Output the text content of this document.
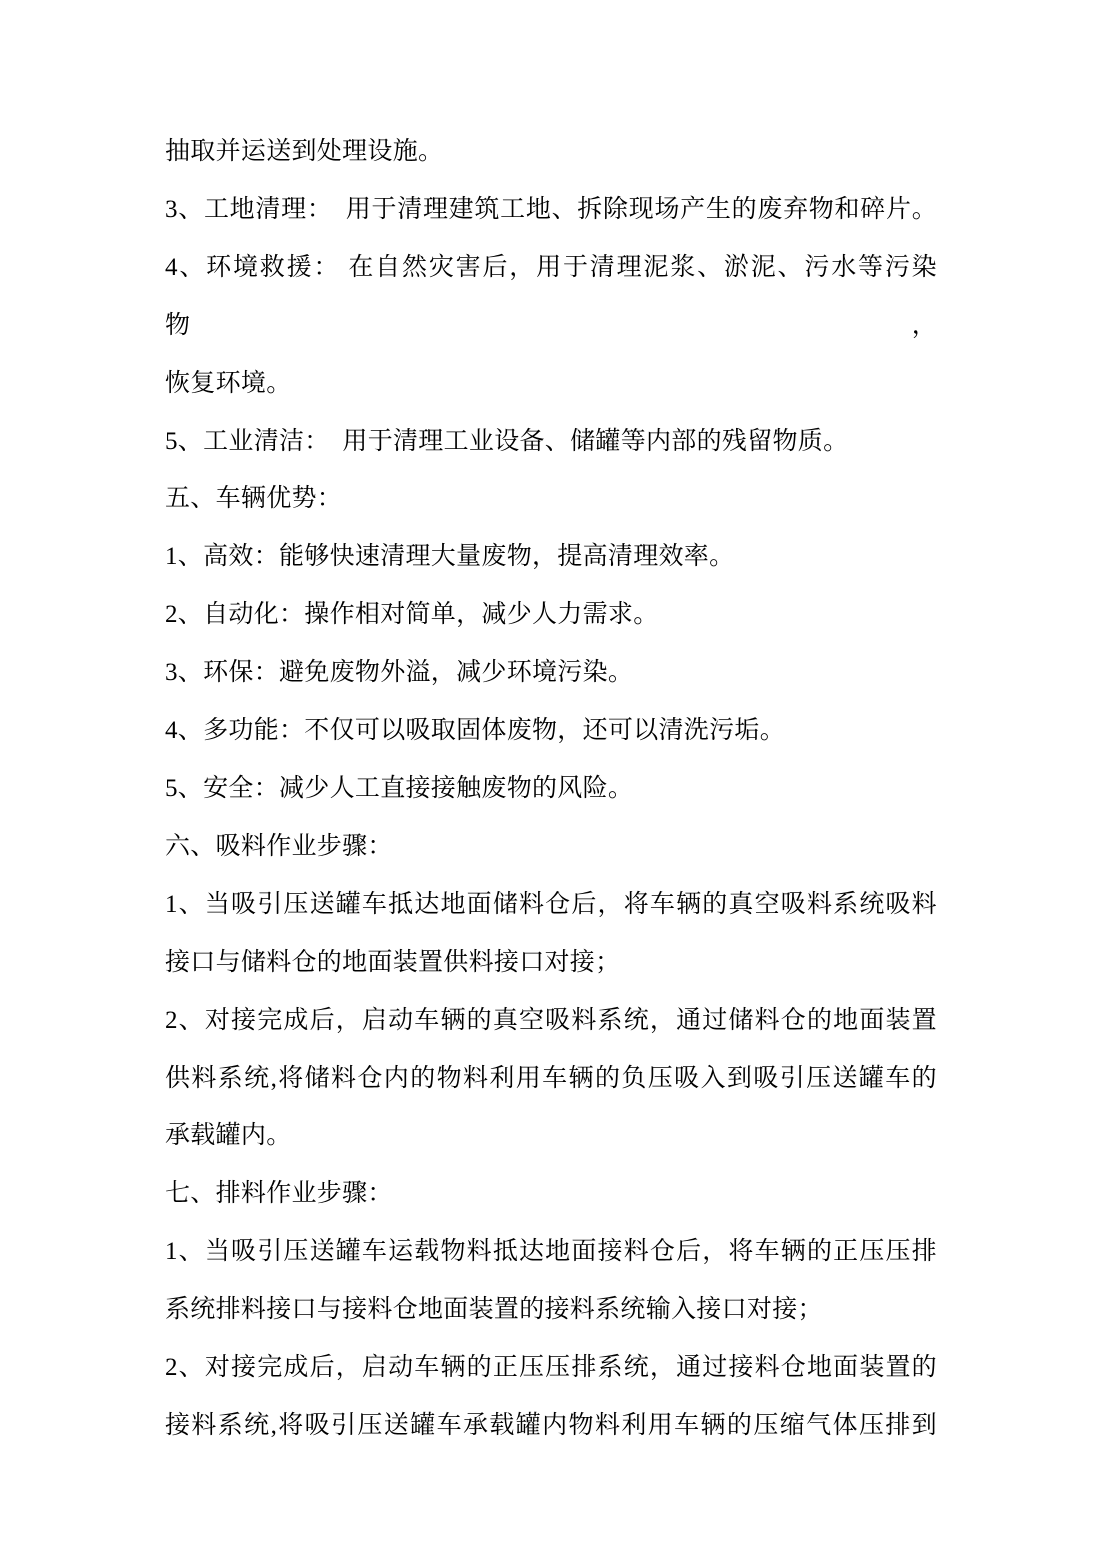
抽取并运送到处理设施。

3、工地清理：　用于清理建筑工地、拆除现场产生的废弃物和碎片。

4、环境救援： 在自然灾害后，用于清理泥浆、淤泥、污水等污染物，

恢复环境。

5、工业清洁：　用于清理工业设备、储罐等内部的残留物质。

五、车辆优势：

1、高效：能够快速清理大量废物，提高清理效率。

2、自动化：操作相对简单，减少人力需求。

3、环保：避免废物外溢，减少环境污染。

4、多功能：不仅可以吸取固体废物，还可以清洗污垢。

5、安全：减少人工直接接触废物的风险。

六、吸料作业步骤：

1、当吸引压送罐车抵达地面储料仓后，将车辆的真空吸料系统吸料

接口与储料仓的地面装置供料接口对接；

2、对接完成后，启动车辆的真空吸料系统，通过储料仓的地面装置

供料系统,将储料仓内的物料利用车辆的负压吸入到吸引压送罐车的

承载罐内。

七、排料作业步骤：

1、当吸引压送罐车运载物料抵达地面接料仓后，将车辆的正压压排

系统排料接口与接料仓地面装置的接料系统输入接口对接；

2、对接完成后，启动车辆的正压压排系统，通过接料仓地面装置的

接料系统,将吸引压送罐车承载罐内物料利用车辆的压缩气体压排到
